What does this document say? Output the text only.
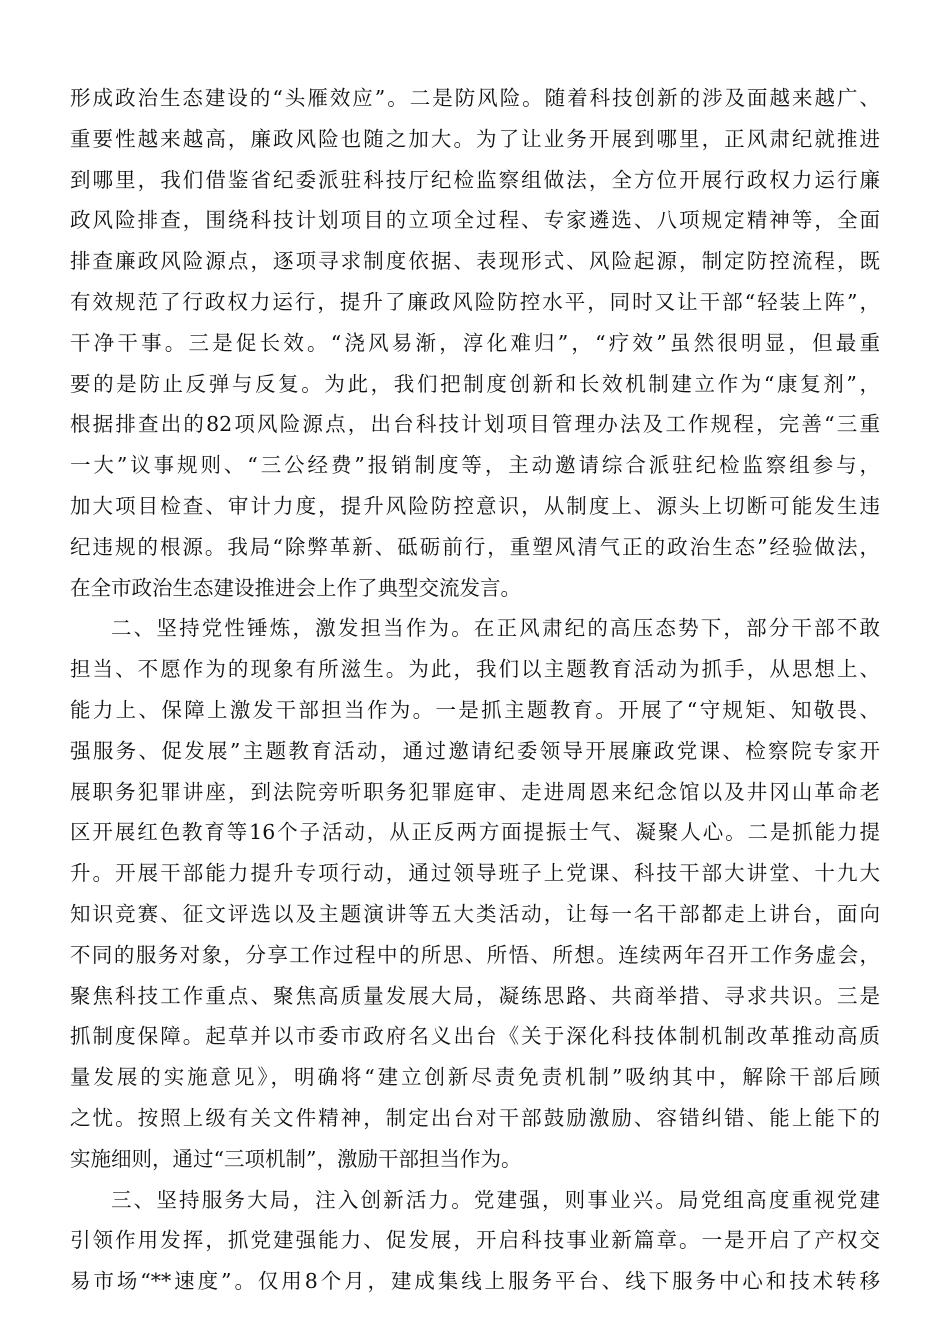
形成政治生态建设的“头雁效应”。二是防风险。随着科技创新的涉及面越来越广、
重要性越来越高，廉政风险也随之加大。为了让业务开展到哪里，正风肃纪就推进
到哪里，我们借鉴省纪委派驻科技厅纪检监察组做法，全方位开展行政权力运行廉
政风险排查，围绕科技计划项目的立项全过程、专家遴选、八项规定精神等，全面
排查廉政风险源点，逐项寻求制度依据、表现形式、风险起源，制定防控流程，既
有效规范了行政权力运行，提升了廉政风险防控水平，同时又让干部“轻装上阵”，
干净干事。三是促长效。“浇风易渐，淳化难归”，“疗效”虽然很明显，但最重
要的是防止反弹与反复。为此，我们把制度创新和长效机制建立作为“康复剂”，
根据排查出的82项风险源点，出台科技计划项目管理办法及工作规程，完善“三重
一大”议事规则、“三公经费”报销制度等，主动邀请综合派驻纪检监察组参与，
加大项目检查、审计力度，提升风险防控意识，从制度上、源头上切断可能发生违
纪违规的根源。我局“除弊革新、砥砺前行，重塑风清气正的政治生态”经验做法，
在全市政治生态建设推进会上作了典型交流发言。
二、坚持党性锤炼，激发担当作为。在正风肃纪的高压态势下，部分干部不敢
担当、不愿作为的现象有所滋生。为此，我们以主题教育活动为抓手，从思想上、
能力上、保障上激发干部担当作为。一是抓主题教育。开展了“守规矩、知敬畏、
强服务、促发展”主题教育活动，通过邀请纪委领导开展廉政党课、检察院专家开
展职务犯罪讲座，到法院旁听职务犯罪庭审、走进周恩来纪念馆以及井冈山革命老
区开展红色教育等16个子活动，从正反两方面提振士气、凝聚人心。二是抓能力提
升。开展干部能力提升专项行动，通过领导班子上党课、科技干部大讲堂、十九大
知识竞赛、征文评选以及主题演讲等五大类活动，让每一名干部都走上讲台，面向
不同的服务对象，分享工作过程中的所思、所悟、所想。连续两年召开工作务虚会，
聚焦科技工作重点、聚焦高质量发展大局，凝练思路、共商举措、寻求共识。三是
抓制度保障。起草并以市委市政府名义出台《关于深化科技体制机制改革推动高质
量发展的实施意见》，明确将“建立创新尽责免责机制”吸纳其中，解除干部后顾
之忧。按照上级有关文件精神，制定出台对干部鼓励激励、容错纠错、能上能下的
实施细则，通过“三项机制”，激励干部担当作为。
三、坚持服务大局，注入创新活力。党建强，则事业兴。局党组高度重视党建
引领作用发挥，抓党建强能力、促发展，开启科技事业新篇章。一是开启了产权交
易市场“**速度”。仅用8个月，建成集线上服务平台、线下服务中心和技术转移
